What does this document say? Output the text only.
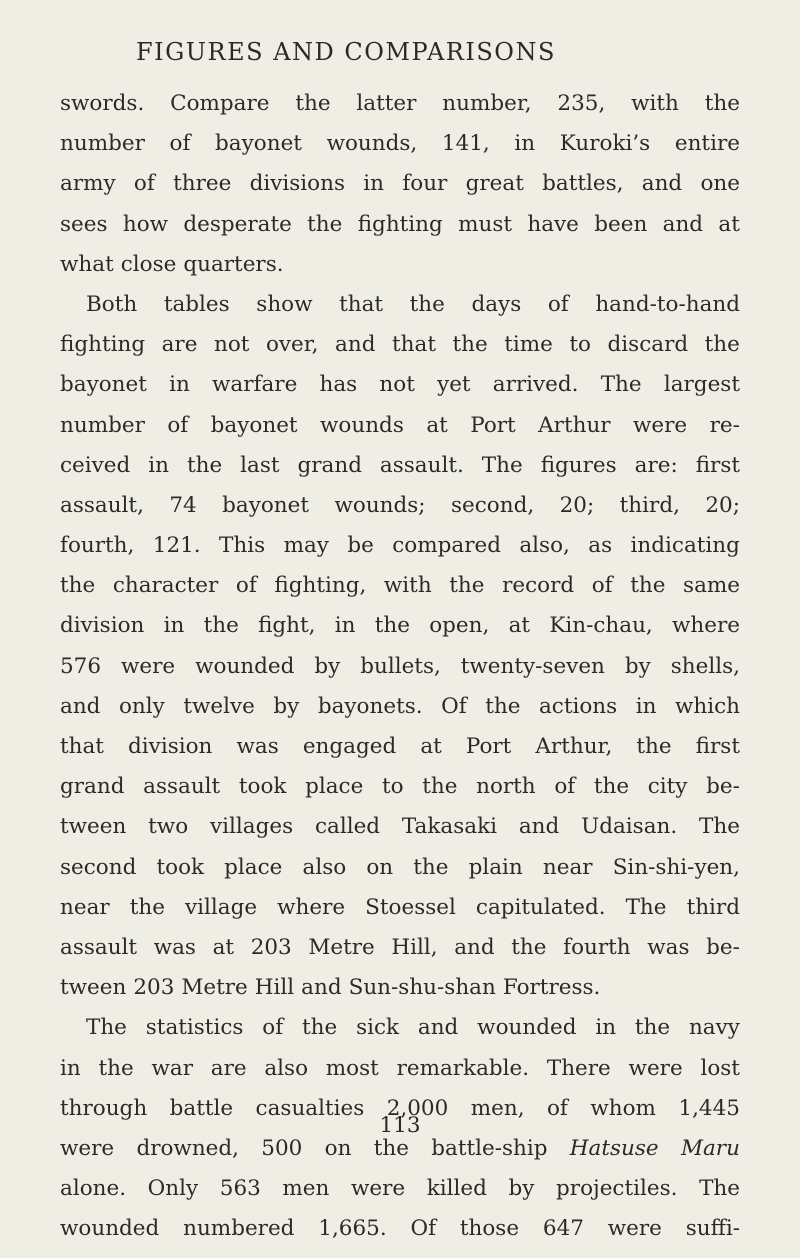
FIGURES AND COMPARISONS
swords. Compare the latter number, 235, with the
number of bayonet wounds, 141, in Kuroki’s entire
army of three divisions in four great battles, and one
sees how desperate the fighting must have been and at
what close quarters.
Both tables show that the days of hand-to-hand
fighting are not over, and that the time to discard the
bayonet in warfare has not yet arrived. The largest
number of bayonet wounds at Port Arthur were re-
ceived in the last grand assault. The figures are: first
assault, 74 bayonet wounds; second, 20; third, 20;
fourth, 121. This may be compared also, as indicating
the character of fighting, with the record of the same
division in the fight, in the open, at Kin-chau, where
576 were wounded by bullets, twenty-seven by shells,
and only twelve by bayonets. Of the actions in which
that division was engaged at Port Arthur, the first
grand assault took place to the north of the city be-
tween two villages called Takasaki and Udaisan. The
second took place also on the plain near Sin-shi-yen,
near the village where Stoessel capitulated. The third
assault was at 203 Metre Hill, and the fourth was be-
tween 203 Metre Hill and Sun-shu-shan Fortress.
The statistics of the sick and wounded in the navy
in the war are also most remarkable. There were lost
through battle casualties 2,000 men, of whom 1,445
were drowned, 500 on the battle-ship Hatsuse Maru
alone. Only 563 men were killed by projectiles. The
wounded numbered 1,665. Of those 647 were suffi-
113
